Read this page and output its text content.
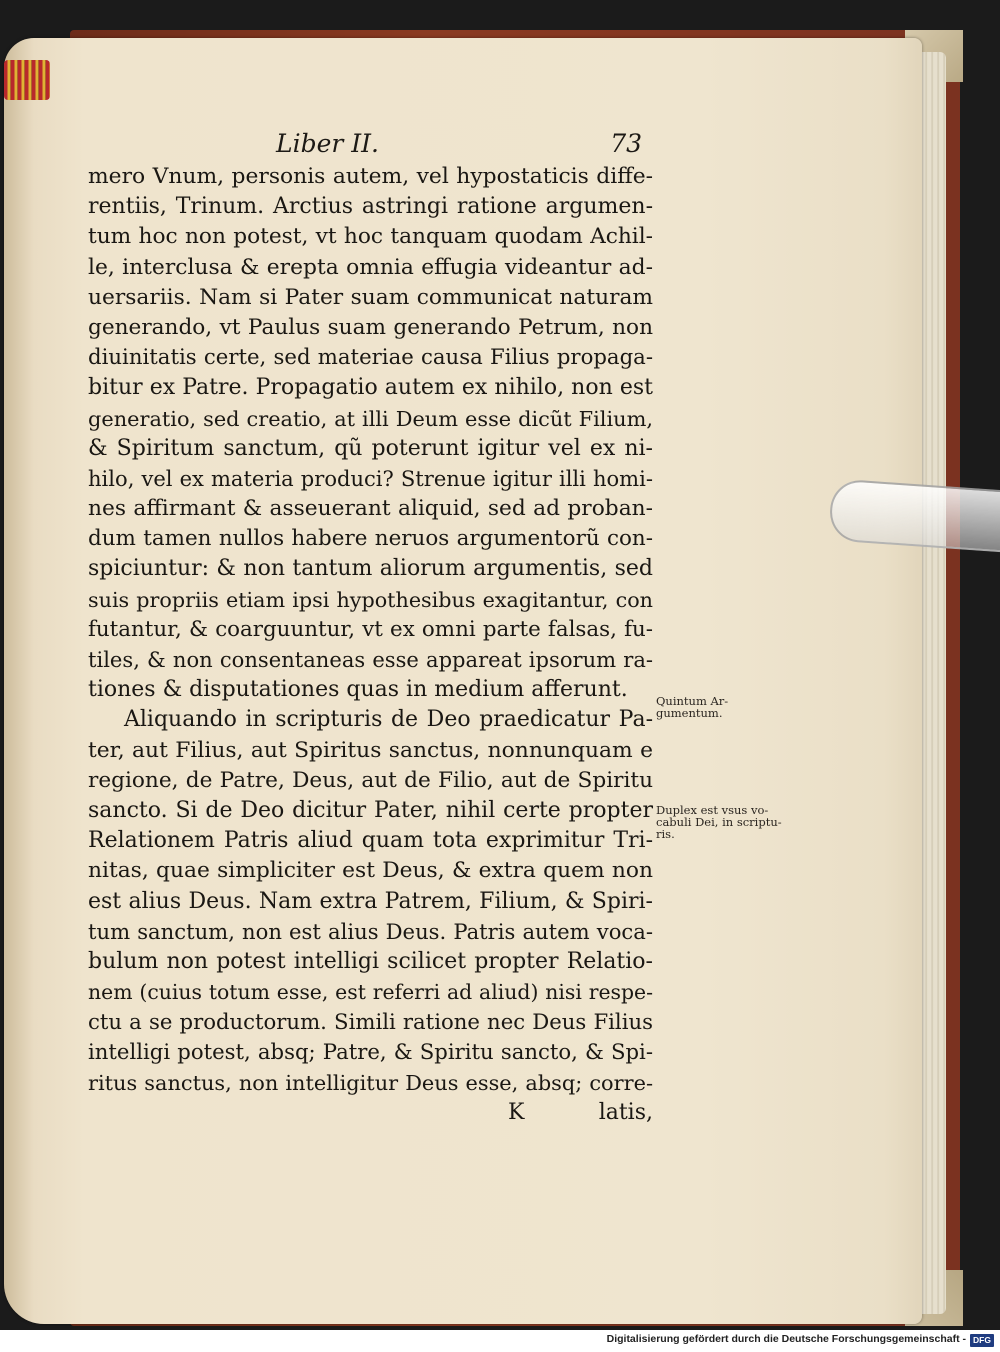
Liber II.	73
mero Vnum, personis autem, vel hypostaticis diffe-
rentiis, Trinum. Arctius astringi ratione argumen-
tum hoc non potest, vt hoc tanquam quodam Achil-
le, interclusa & erepta omnia effugia videantur ad-
uersariis. Nam si Pater suam communicat naturam
generando, vt Paulus suam generando Petrum, non
diuinitatis certe, sed materiae causa Filius propaga-
bitur ex Patre. Propagatio autem ex nihilo, non est
generatio, sed creatio, at illi Deum esse dicũt Filium,
& Spiritum sanctum, qũ poterunt igitur vel ex ni-
hilo, vel ex materia produci? Strenue igitur illi homi-
nes affirmant & asseuerant aliquid, sed ad proban-
dum tamen nullos habere neruos argumentorũ con-
spiciuntur: & non tantum aliorum argumentis, sed
suis propriis etiam ipsi hypothesibus exagitantur, con
futantur, & coarguuntur, vt ex omni parte falsas, fu-
tiles, & non consentaneas esse appareat ipsorum ra-
tiones & disputationes quas in medium afferunt.
Aliquando in scripturis de Deo praedicatur Pa-
ter, aut Filius, aut Spiritus sanctus, nonnunquam e
regione, de Patre, Deus, aut de Filio, aut de Spiritu
sancto. Si de Deo dicitur Pater, nihil certe propter
Relationem Patris aliud quam tota exprimitur Tri-
nitas, quae simpliciter est Deus, & extra quem non
est alius Deus. Nam extra Patrem, Filium, & Spiri-
tum sanctum, non est alius Deus. Patris autem voca-
bulum non potest intelligi scilicet propter Relatio-
nem (cuius totum esse, est referri ad aliud) nisi respe-
ctu a se productorum. Simili ratione nec Deus Filius
intelligi potest, absq; Patre, & Spiritu sancto, & Spi-
ritus sanctus, non intelligitur Deus esse, absq; corre-
K	latis,
Quintum Ar-
gumentum.
Duplex est vsus vo-
cabuli Dei, in scriptu-
ris.
Digitalisierung gefördert durch die Deutsche Forschungsgemeinschaft - DFG
